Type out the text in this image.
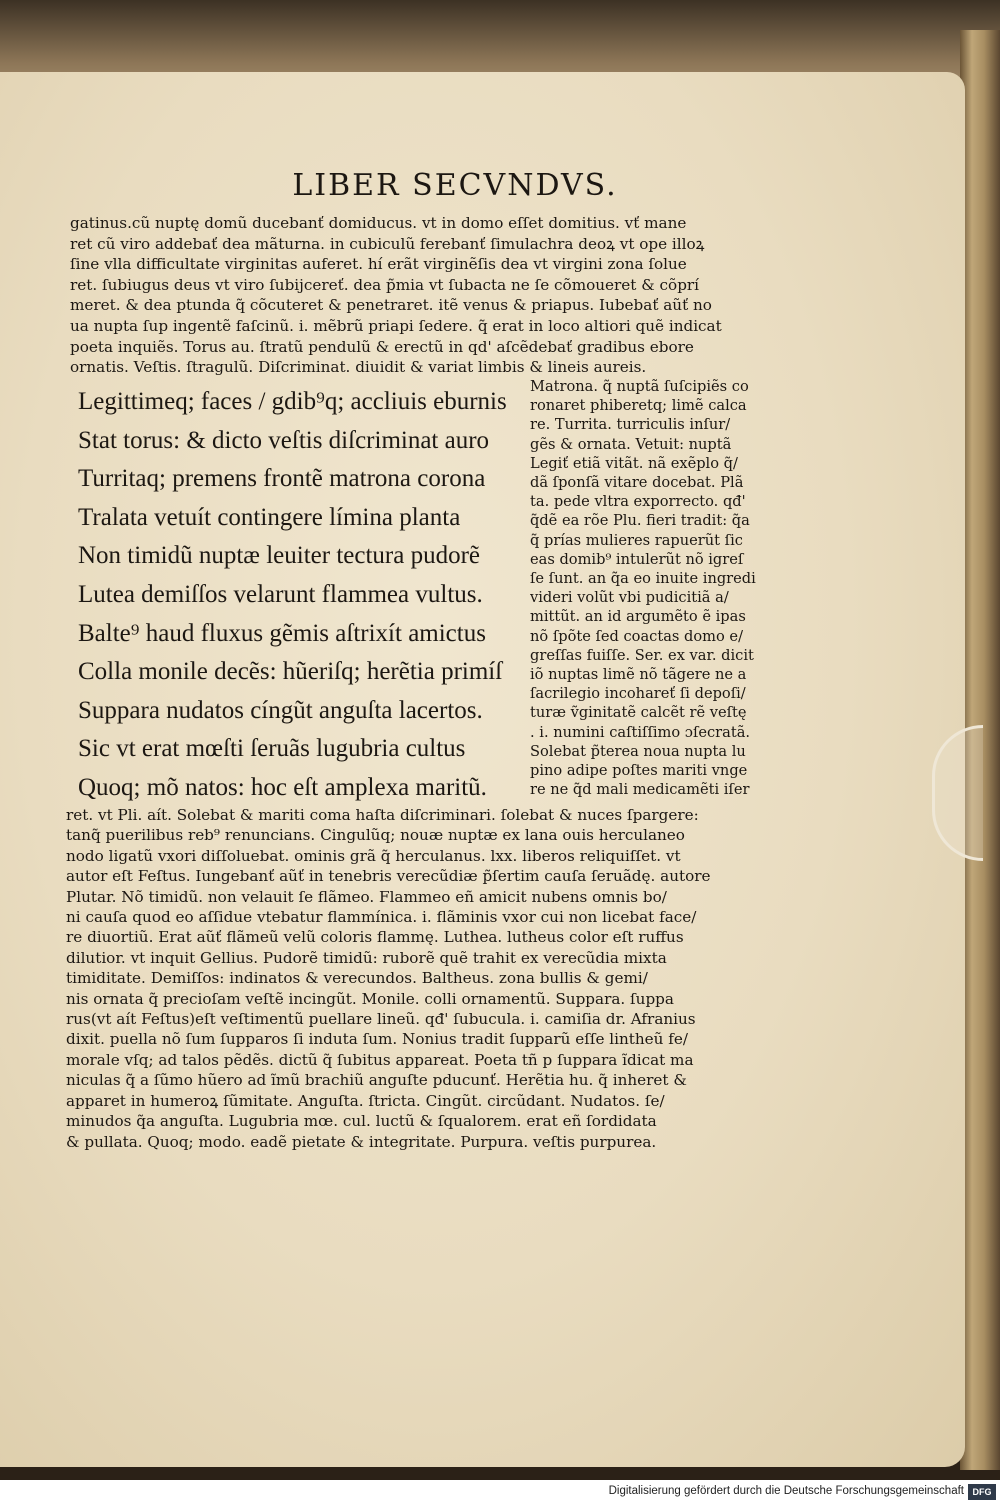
LIBER SECVNDVS.
gatinus.cũ nuptę domũ ducebanť domiducus. vt in domo eſſet domitius. vť mane
ret cũ viro addebať dea mãturna. in cubiculũ ferebanť ſimulachra deoꝝ vt ope illoꝝ
ſine vlla difficultate virginitas auferet. hí erãt virginẽſis dea vt virgini zona ſolue
ret. ſubiugus deus vt viro ſubijcereť. dea p̃mia vt ſubacta ne ſe cõmoueret & cõprí
meret. & dea ptunda q̃ cõcuteret & penetraret. itẽ venus & priapus. Iubebať aũť no
ua nupta ſup ingentẽ faſcinũ. i. mẽbrũ priapi ſedere. q̃ erat in loco altiori quẽ indicat
poeta inquiẽs. Torus au. ſtratũ pendulũ & erectũ in qd' aſcẽdebať gradibus ebore
ornatis. Veſtis. ſtragulũ. Diſcriminat. diuidit & variat limbis & lineis aureis.
Legittimeq; faces / gdib⁹q; accliuis eburnis
Stat torus: & dicto veſtis diſcriminat auro
Turritaq; premens frontẽ matrona corona
Tralata vetuít contingere límina planta
Non timidũ nuptæ leuiter tectura pudorẽ
Lutea demiſſos velarunt flammea vultus.
Balte⁹ haud fluxus gẽmis aſtrixít amictus
Colla monile decẽs: hũeriſq; herẽtia primíſ
Suppara nudatos cíngũt anguſta lacertos.
Sic vt erat mœſti ſeruãs lugubria cultus
Quoq; mõ natos: hoc eſt amplexa maritũ.
Matrona. q̃ nuptã ſuſcipiẽs co
ronaret phiberetq; limẽ calca
re. Turrita. turriculis inſur/
gẽs & ornata. Vetuit: nuptã
Legiť etiã vitãt. nã exẽplo q̃/
dã ſponſã vitare docebat. Plã
ta. pede vltra exporrecto. qđ'
q̃dẽ ea rõe Plu. fieri tradit: q̃a
q̃ prías mulieres rapuerũt ſic
eas domib⁹ intulerũt nõ igreſ
ſe ſunt. an q̃a eo inuite ingredi
videri volũt vbi pudicitiã a/
mittũt. an id argumẽto ẽ ipas
nõ ſpõte ſed coactas domo e/
greſſas fuiſſe. Ser. ex var. dicit
iõ nuptas limẽ nõ tãgere ne a
ſacrilegio incohareť ſi depoſi/
turæ ṽginitatẽ calcẽt rẽ veſtę
. i. numini caſtiſſimo ɔſecratã.
Solebat p̃terea noua nupta lu
pino adipe poſtes mariti vnge
re ne q̃d mali medicamẽti iſer
ret. vt Pli. aít. Solebat & mariti coma haſta diſcriminari. ſolebat & nuces ſpargere:
tanq̃ puerilibus reb⁹ renuncians. Cingulũq; nouæ nuptæ ex lana ouis herculaneo
nodo ligatũ vxori diſſoluebat. ominis grã q̃ herculanus. lxx. liberos reliquiſſet. vt
autor eſt Feſtus. Iungebanť aũť in tenebris verecũdiæ p̃ſertim cauſa ſeruãdę. autore
Plutar. Nõ timidũ. non velauit ſe flãmeo. Flammeo eñ amicit nubens omnis bo/
ni cauſa quod eo aſſidue vtebatur flammínica. i. flãminis vxor cui non licebat face/
re diuortiũ. Erat aũť flãmeũ velũ coloris flammę. Luthea. lutheus color eſt ruffus
dilutior. vt inquit Gellius. Pudorẽ timidũ: ruborẽ quẽ trahit ex verecũdia mixta
timiditate. Demiſſos: indinatos & verecundos. Baltheus. zona bullis & gemi/
nis ornata q̃ precioſam veſtẽ incingũt. Monile. colli ornamentũ. Suppara. ſuppa
rus(vt aít Feſtus)eſt veſtimentũ puellare lineũ. qđ' ſubucula. i. camiſia dr. Afranius
dixit. puella nõ ſum ſupparos ſi induta ſum. Nonius tradit ſupparũ eſſe lintheũ fe/
morale vſq; ad talos pẽdẽs. dictũ q̃ ſubitus appareat. Poeta tñ p ſuppara ĩdicat ma
niculas q̃ a ſũmo hũero ad ĩmũ brachiũ anguſte pducunť. Herẽtia hu. q̃ inheret &
apparet in humeroꝝ ſũmitate. Anguſta. ſtricta. Cingũt. circũdant. Nudatos. ſe/
minudos q̃a anguſta. Lugubria mœ. cul. luctũ & ſqualorem. erat eñ ſordidata
& pullata. Quoq; modo. eadẽ pietate & integritate. Purpura. veſtis purpurea.
Digitalisierung gefördert durch die Deutsche Forschungsgemeinschaft DFG
